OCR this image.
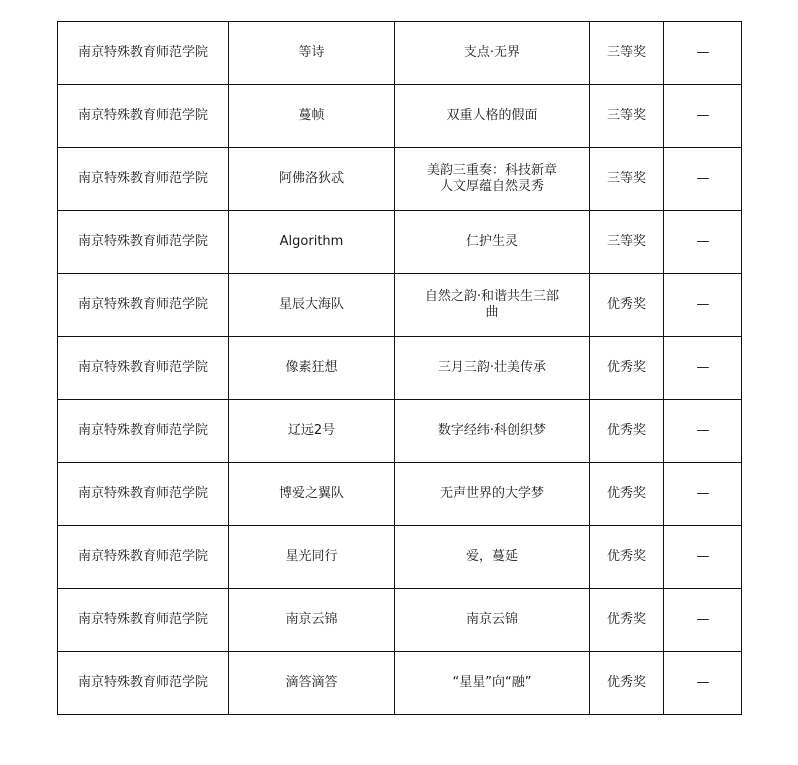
南京特殊教育师范学院	等诗	支点·无界	三等奖	—
南京特殊教育师范学院	蔓帧	双重人格的假面	三等奖	—
南京特殊教育师范学院	阿佛洛狄忒	美韵三重奏：科技新章人文厚蕴自然灵秀	三等奖	—
南京特殊教育师范学院	Algorithm	仁护生灵	三等奖	—
南京特殊教育师范学院	星辰大海队	自然之韵·和谐共生三部曲	优秀奖	—
南京特殊教育师范学院	像素狂想	三月三韵·壮美传承	优秀奖	—
南京特殊教育师范学院	辽远2号	数字经纬·科创织梦	优秀奖	—
南京特殊教育师范学院	博爱之翼队	无声世界的大学梦	优秀奖	—
南京特殊教育师范学院	星光同行	爱，蔓延	优秀奖	—
南京特殊教育师范学院	南京云锦	南京云锦	优秀奖	—
南京特殊教育师范学院	滴答滴答	“星星”向“融”	优秀奖	—
